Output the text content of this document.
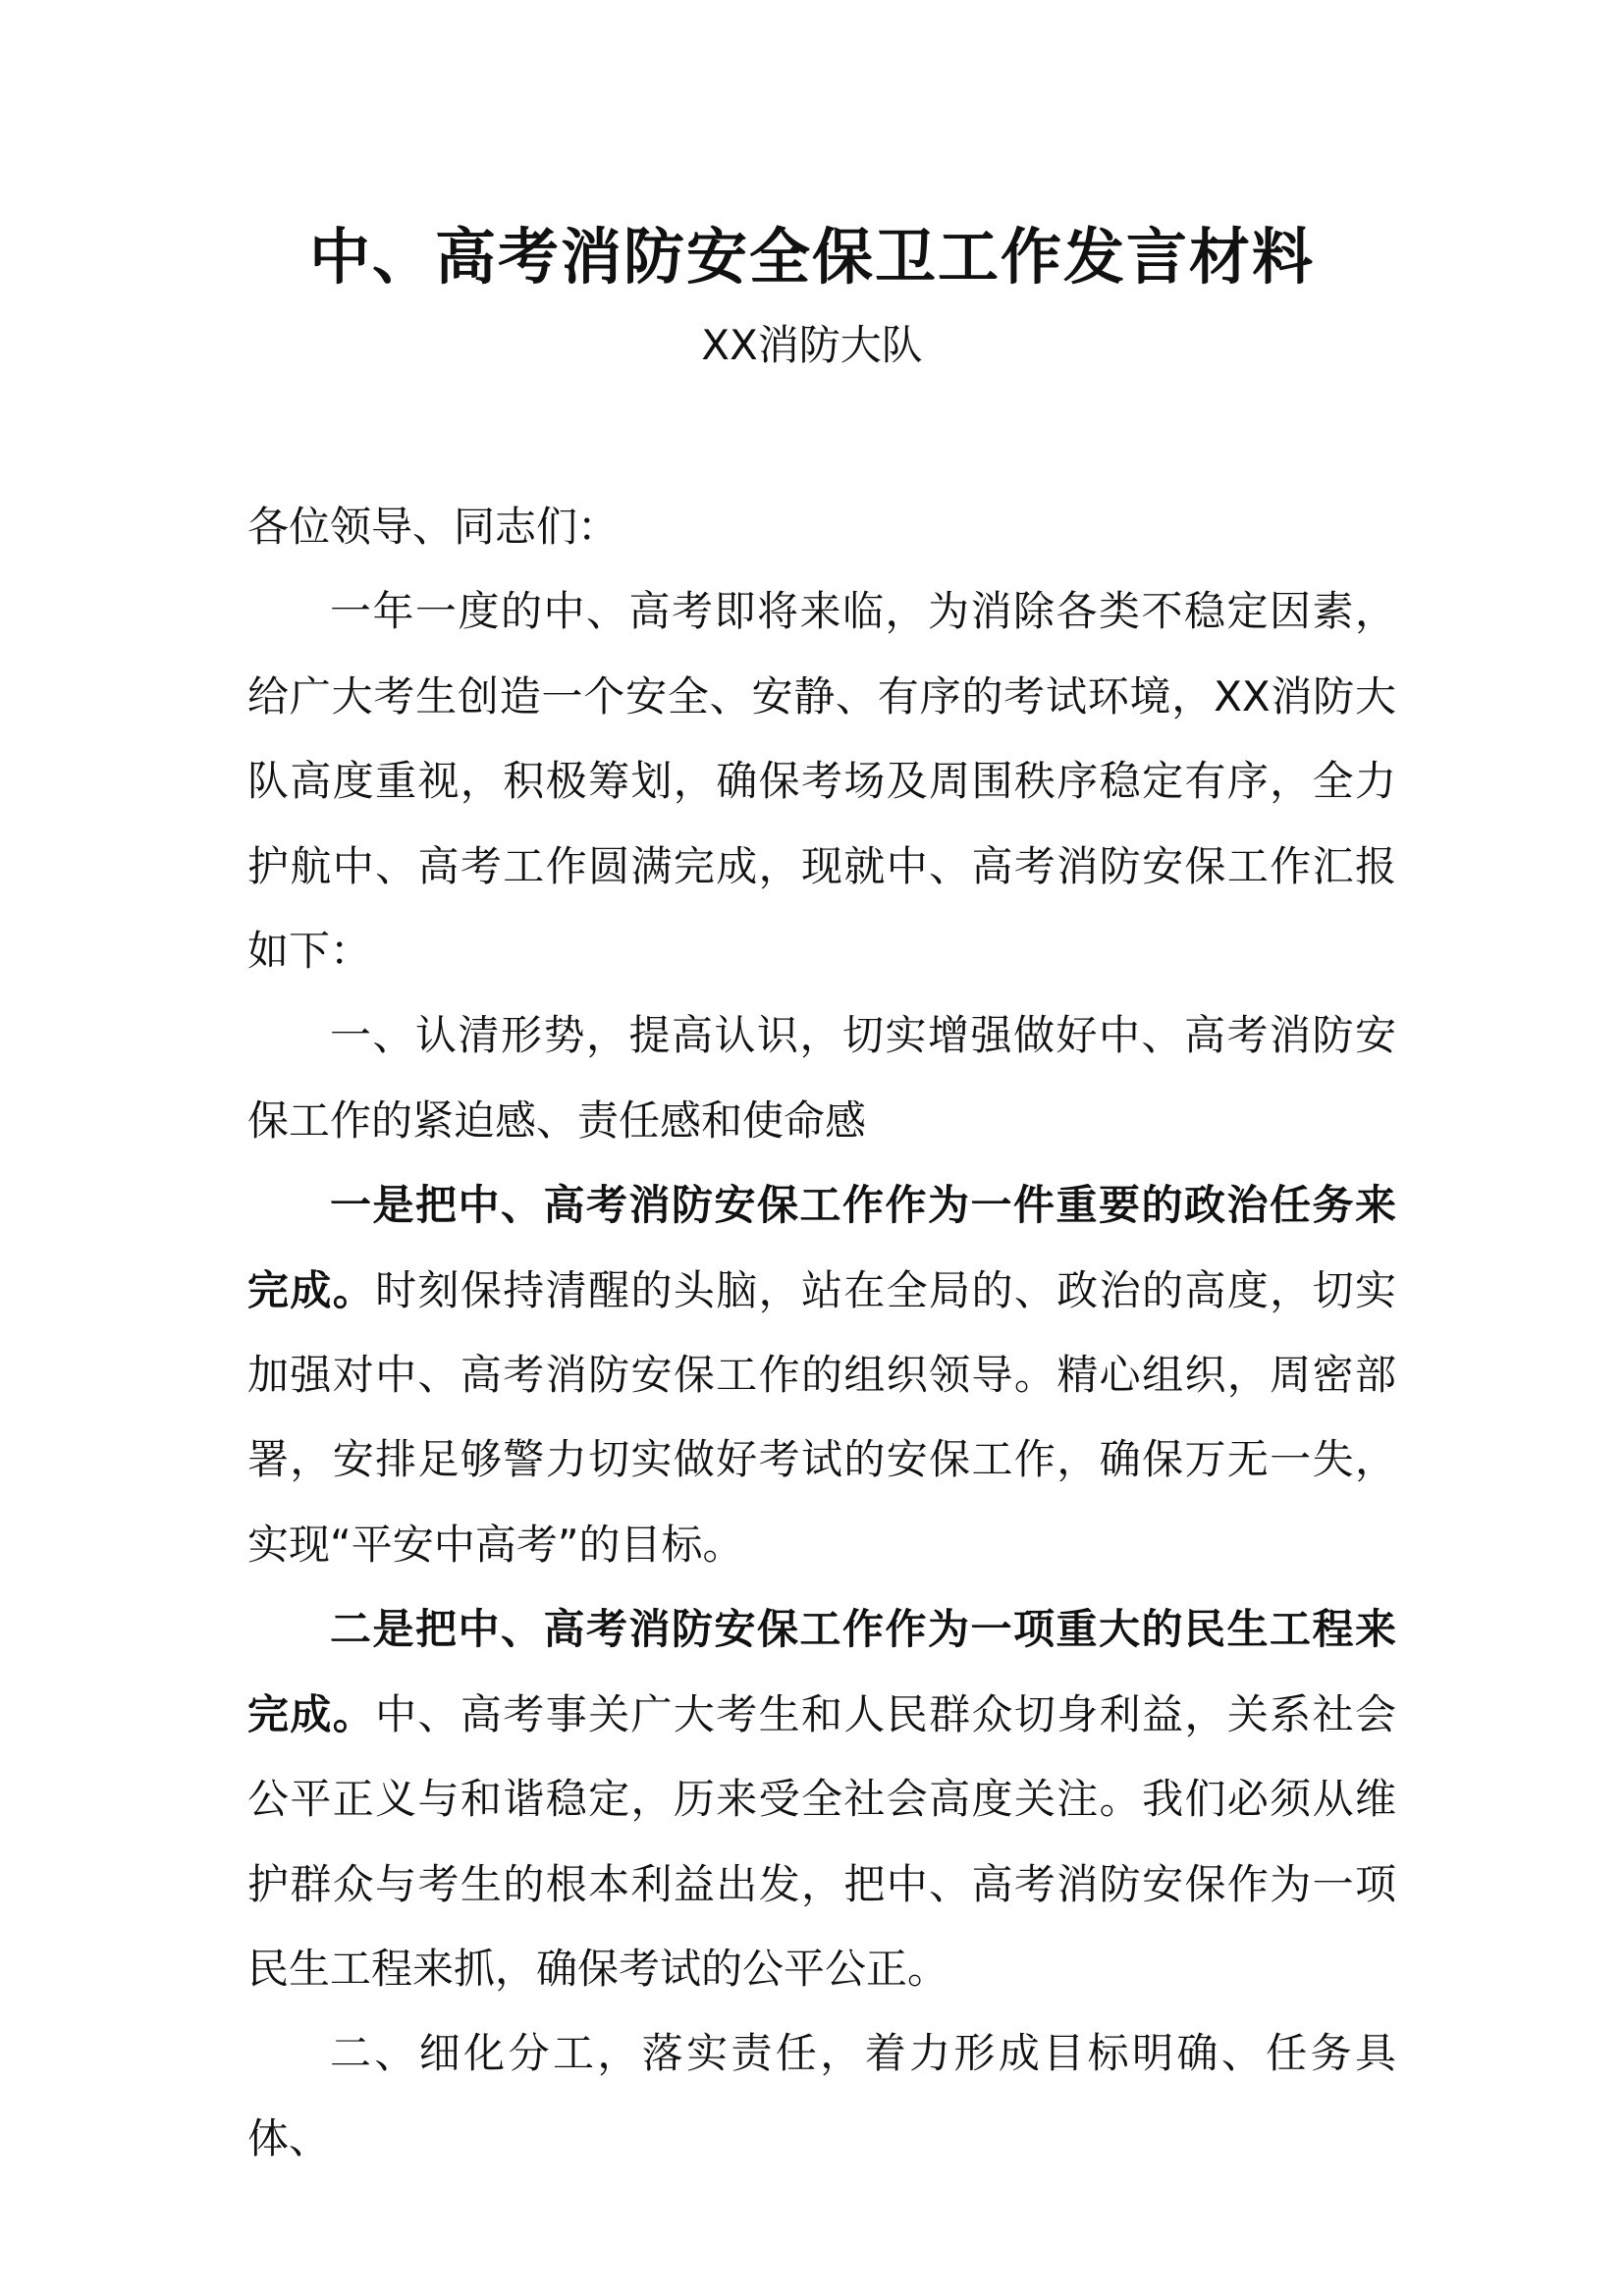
中、高考消防安全保卫工作发言材料
XX消防大队

各位领导、同志们：

一年一度的中、高考即将来临，为消除各类不稳定因素，给广大考生创造一个安全、安静、有序的考试环境，XX消防大队高度重视，积极筹划，确保考场及周围秩序稳定有序，全力护航中、高考工作圆满完成，现就中、高考消防安保工作汇报如下：

一、认清形势，提高认识，切实增强做好中、高考消防安保工作的紧迫感、责任感和使命感

一是把中、高考消防安保工作作为一件重要的政治任务来完成。时刻保持清醒的头脑，站在全局的、政治的高度，切实加强对中、高考消防安保工作的组织领导。精心组织，周密部署，安排足够警力切实做好考试的安保工作，确保万无一失，实现“平安中高考”的目标。

二是把中、高考消防安保工作作为一项重大的民生工程来完成。中、高考事关广大考生和人民群众切身利益，关系社会公平正义与和谐稳定，历来受全社会高度关注。我们必须从维护群众与考生的根本利益出发，把中、高考消防安保作为一项民生工程来抓，确保考试的公平公正。

二、细化分工，落实责任，着力形成目标明确、任务具体、
